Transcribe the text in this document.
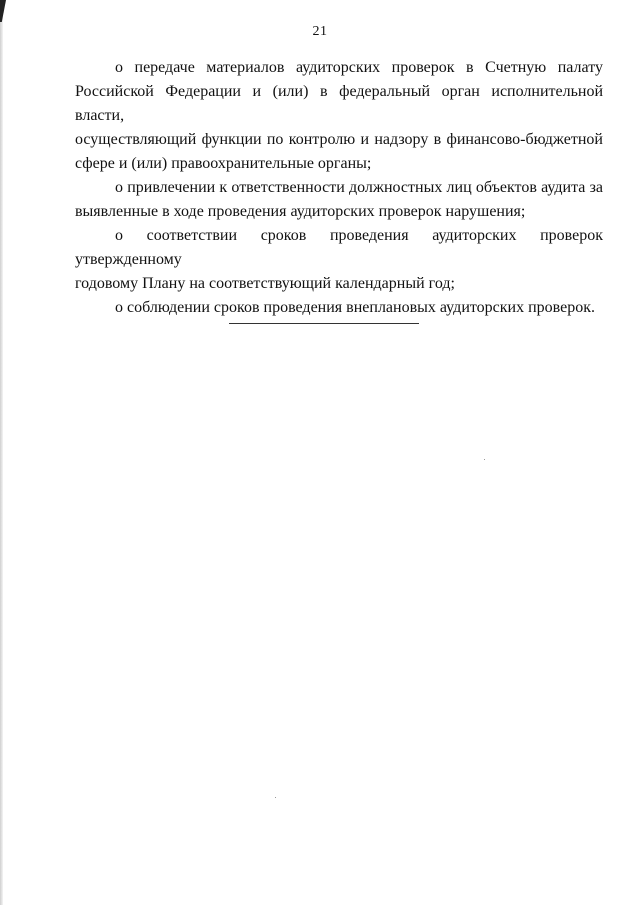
21

о передаче материалов аудиторских проверок в Счетную палату
Российской Федерации и (или) в федеральный орган исполнительной власти,
осуществляющий функции по контролю и надзору в финансово-бюджетной
сфере и (или) правоохранительные органы;

о привлечении к ответственности должностных лиц объектов аудита за
выявленные в ходе проведения аудиторских проверок нарушения;

о соответствии сроков проведения аудиторских проверок утвержденному
годовому Плану на соответствующий календарный год;

о соблюдении сроков проведения внеплановых аудиторских проверок.
